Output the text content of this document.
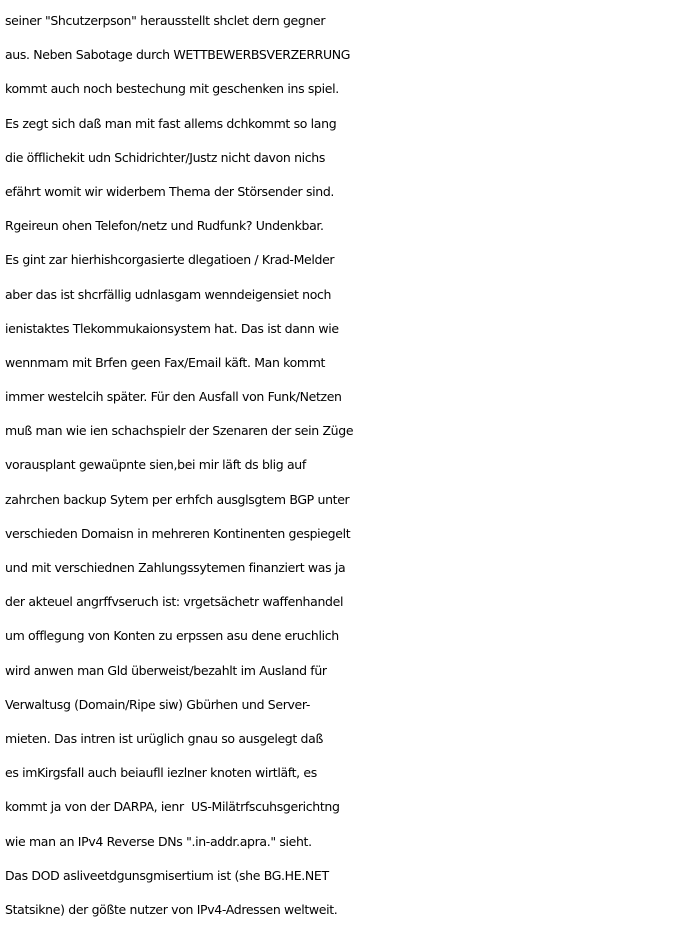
seiner "Shcutzerpson" herausstellt shclet dern gegner
aus. Neben Sabotage durch WETTBEWERBSVERZERRUNG
kommt auch noch bestechung mit geschenken ins spiel.
Es zegt sich daß man mit fast allems dchkommt so lang
die öfflichekit udn Schidrichter/Justz nicht davon nichs
efährt womit wir widerbem Thema der Störsender sind.
Rgeireun ohen Telefon/netz und Rudfunk? Undenkbar.
Es gint zar hierhishcorgasierte dlegatioen / Krad-Melder
aber das ist shcrfällig udnlasgam wenndeigensiet noch
ienistaktes Tlekommukaionsystem hat. Das ist dann wie
wennmam mit Brfen geen Fax/Email käft. Man kommt
immer westelcih später. Für den Ausfall von Funk/Netzen
muß man wie ien schachspielr der Szenaren der sein Züge
vorausplant gewaüpnte sien,bei mir läft ds blig auf
zahrchen backup Sytem per erhfch ausglsgtem BGP unter
verschieden Domaisn in mehreren Kontinenten gespiegelt
und mit verschiednen Zahlungssytemen finanziert was ja
der akteuel angrffvseruch ist: vrgetsächetr waffenhandel
um offlegung von Konten zu erpssen asu dene eruchlich
wird anwen man Gld überweist/bezahlt im Ausland für
Verwaltusg (Domain/Ripe siw) Gbürhen und Server-
mieten. Das intren ist urüglich gnau so ausgelegt daß
es imKirgsfall auch beiaufll iezlner knoten wirtläft, es
kommt ja von der DARPA, ienr  US-Milätrfscuhsgerichtng
wie man an IPv4 Reverse DNs ".in-addr.apra." sieht.
Das DOD asliveetdgunsgmisertium ist (she BG.HE.NET
Statsikne) der gößte nutzer von IPv4-Adressen weltweit.
